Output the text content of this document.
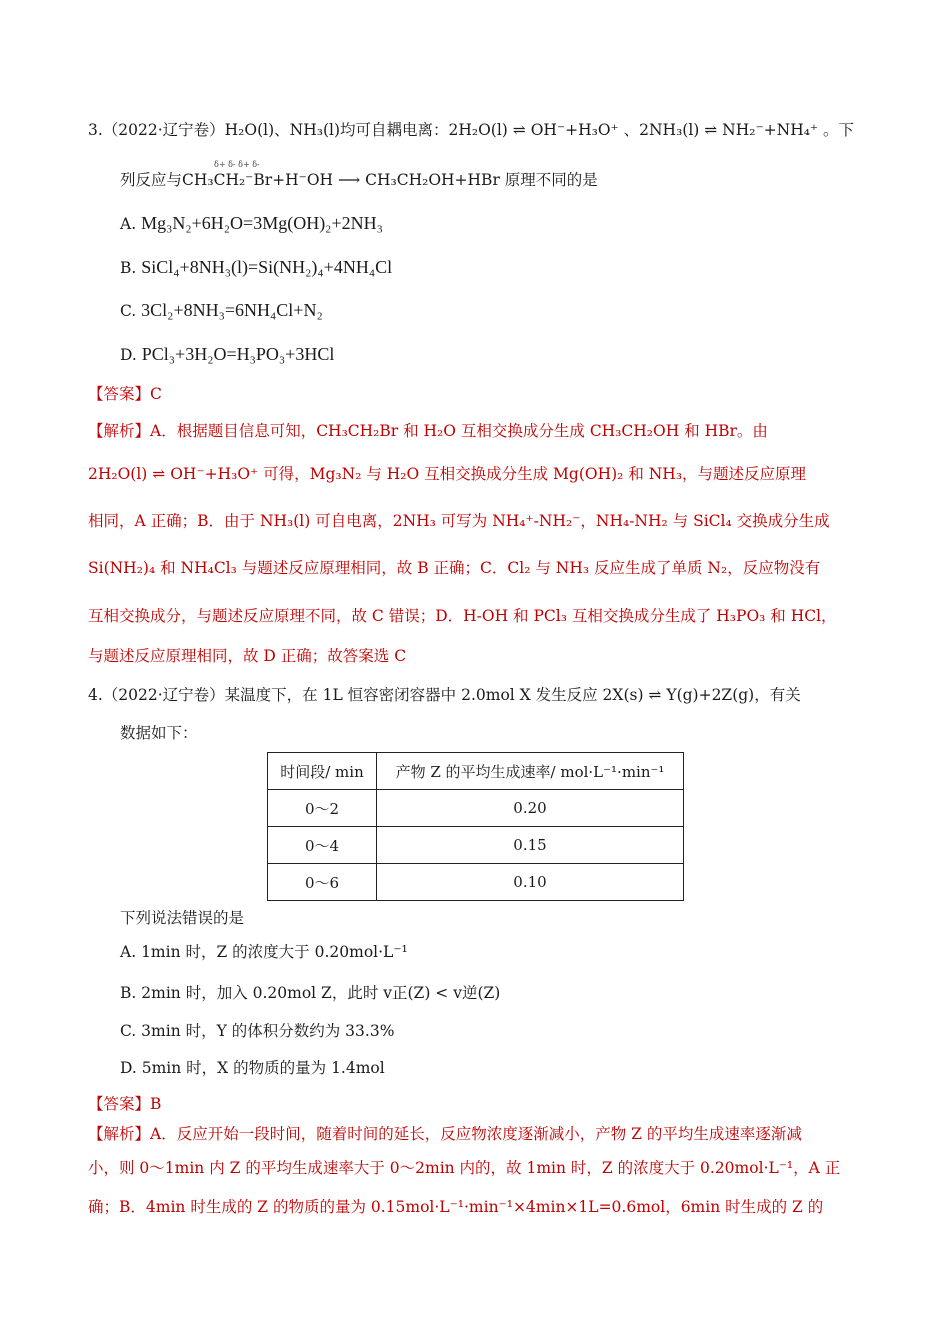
3.（2022·辽宁卷）H₂O(l)、NH₃(l)均可自耦电离：2H₂O(l) ⇌ OH⁻+H₃O⁺ 、2NH₃(l) ⇌ NH₂⁻+NH₄⁺ 。下
δ+ δ- δ+ δ-
列反应与CH₃CH₂⁻Br+H⁻OH ⟶ CH₃CH₂OH+HBr 原理不同的是
A. Mg₃N₂+6H₂O=3Mg(OH)₂+2NH₃
B. SiCl₄+8NH₃(l)=Si(NH₂)₄+4NH₄Cl
C. 3Cl₂+8NH₃=6NH₄Cl+N₂
D. PCl₃+3H₂O=H₃PO₃+3HCl
【答案】C
【解析】A．根据题目信息可知，CH₃CH₂Br 和 H₂O 互相交换成分生成 CH₃CH₂OH 和 HBr。由
2H₂O(l) ⇌ OH⁻+H₃O⁺ 可得，Mg₃N₂ 与 H₂O 互相交换成分生成 Mg(OH)₂ 和 NH₃，与题述反应原理
相同，A 正确；B．由于 NH₃(l) 可自电离，2NH₃ 可写为 NH₄⁺-NH₂⁻，NH₄-NH₂ 与 SiCl₄ 交换成分生成
Si(NH₂)₄ 和 NH₄Cl₃ 与题述反应原理相同，故 B 正确；C．Cl₂ 与 NH₃ 反应生成了单质 N₂，反应物没有
互相交换成分，与题述反应原理不同，故 C 错误；D．H-OH 和 PCl₃ 互相交换成分生成了 H₃PO₃ 和 HCl，
与题述反应原理相同，故 D 正确；故答案选 C
4.（2022·辽宁卷）某温度下，在 1L 恒容密闭容器中 2.0mol X 发生反应 2X(s) ⇌ Y(g)+2Z(g)，有关
数据如下：
时间段/ min	产物 Z 的平均生成速率/ mol·L⁻¹·min⁻¹
0～2	0.20
0～4	0.15
0～6	0.10
下列说法错误的是
A. 1min 时，Z 的浓度大于 0.20mol·L⁻¹
B. 2min 时，加入 0.20mol Z，此时 v正(Z) < v逆(Z)
C. 3min 时，Y 的体积分数约为 33.3%
D. 5min 时，X 的物质的量为 1.4mol
【答案】B
【解析】A．反应开始一段时间，随着时间的延长，反应物浓度逐渐减小，产物 Z 的平均生成速率逐渐减
小，则 0～1min 内 Z 的平均生成速率大于 0～2min 内的，故 1min 时，Z 的浓度大于 0.20mol·L⁻¹，A 正
确；B．4min 时生成的 Z 的物质的量为 0.15mol·L⁻¹·min⁻¹×4min×1L=0.6mol，6min 时生成的 Z 的
